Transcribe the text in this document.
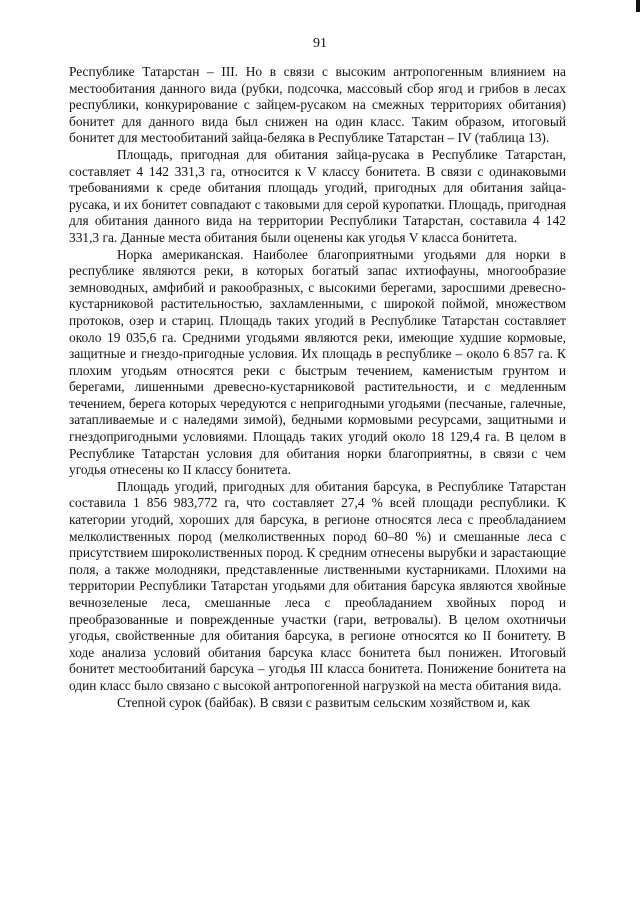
91

Республике Татарстан – III. Но в связи с высоким антропогенным влиянием на местообитания данного вида (рубки, подсочка, массовый сбор ягод и грибов в лесах республики, конкурирование с зайцем-русаком на смежных территориях обитания) бонитет для данного вида был снижен на один класс. Таким образом, итоговый бонитет для местообитаний зайца-беляка в Республике Татарстан – IV (таблица 13).

Площадь, пригодная для обитания зайца-русака в Республике Татарстан, составляет 4 142 331,3 га, относится к V классу бонитета. В связи с одинаковыми требованиями к среде обитания площадь угодий, пригодных для обитания зайца-русака, и их бонитет совпадают с таковыми для серой куропатки. Площадь, пригодная для обитания данного вида на территории Республики Татарстан, составила 4 142 331,3 га. Данные места обитания были оценены как угодья V класса бонитета.

Норка американская. Наиболее благоприятными угодьями для норки в республике являются реки, в которых богатый запас ихтиофауны, многообразие земноводных, амфибий и ракообразных, с высокими берегами, заросшими древесно-кустарниковой растительностью, захламленными, с широкой поймой, множеством протоков, озер и стариц. Площадь таких угодий в Республике Татарстан составляет около 19 035,6 га. Средними угодьями являются реки, имеющие худшие кормовые, защитные и гнездо-пригодные условия. Их площадь в республике – около 6 857 га. К плохим угодьям относятся реки с быстрым течением, каменистым грунтом и берегами, лишенными древесно-кустарниковой растительности, и с медленным течением, берега которых чередуются с непригодными угодьями (песчаные, галечные, затапливаемые и с наледями зимой), бедными кормовыми ресурсами, защитными и гнездопригодными условиями. Площадь таких угодий около 18 129,4 га. В целом в Республике Татарстан условия для обитания норки благоприятны, в связи с чем угодья отнесены ко II классу бонитета.

Площадь угодий, пригодных для обитания барсука, в Республике Татарстан составила 1 856 983,772 га, что составляет 27,4 % всей площади республики. К категории угодий, хороших для барсука, в регионе относятся леса с преобладанием мелколиственных пород (мелколиственных пород 60–80 %) и смешанные леса с присутствием широколиственных пород. К средним отнесены вырубки и зарастающие поля, а также молодняки, представленные лиственными кустарниками. Плохими на территории Республики Татарстан угодьями для обитания барсука являются хвойные вечнозеленые леса, смешанные леса с преобладанием хвойных пород и преобразованные и поврежденные участки (гари, ветровалы). В целом охотничьи угодья, свойственные для обитания барсука, в регионе относятся ко II бонитету. В ходе анализа условий обитания барсука класс бонитета был понижен. Итоговый бонитет местообитаний барсука – угодья III класса бонитета. Понижение бонитета на один класс было связано с высокой антропогенной нагрузкой на места обитания вида.

Степной сурок (байбак). В связи с развитым сельским хозяйством и, как
